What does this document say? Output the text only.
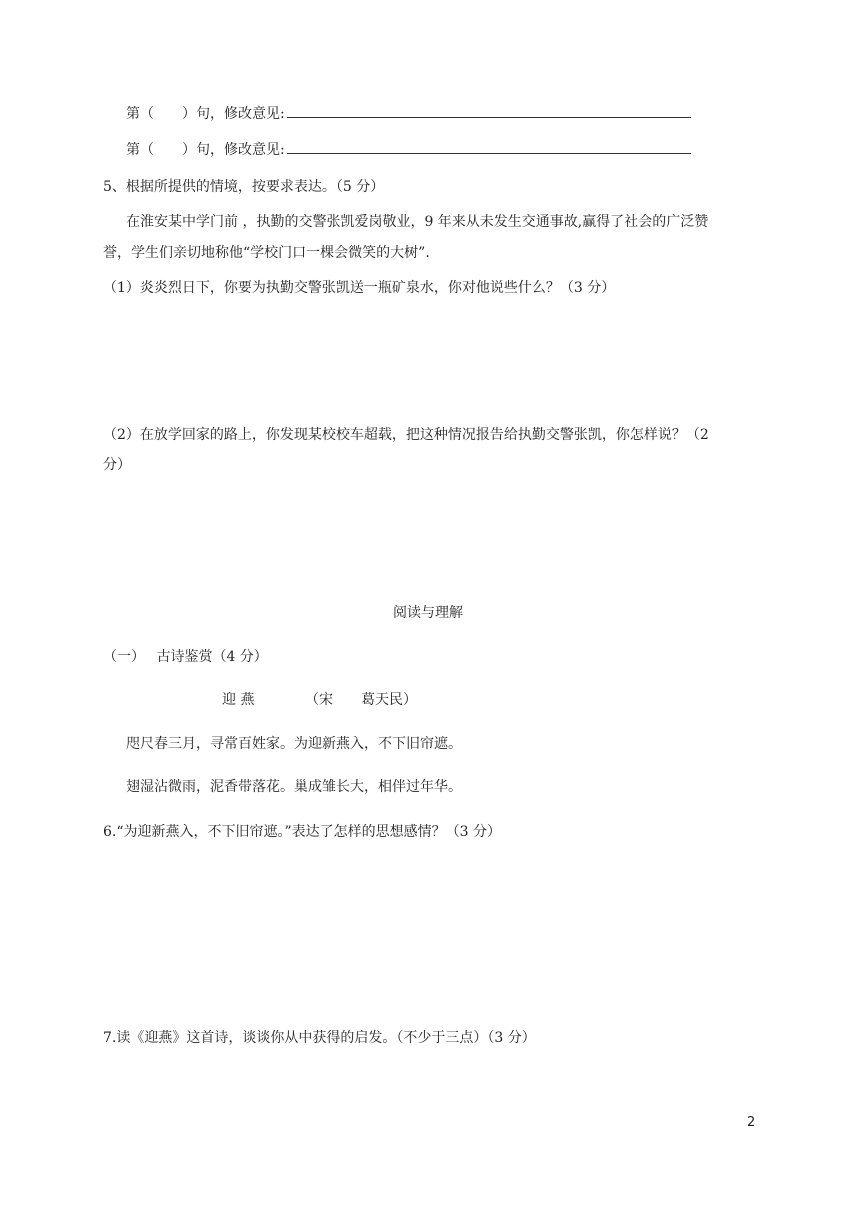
第（　　）句，修改意见:
第（　　）句，修改意见:
5、根据所提供的情境，按要求表达。（5 分）
在淮安某中学门前 ，执勤的交警张凯爱岗敬业，9 年来从未发生交通事故,赢得了社会的广泛赞
誉，学生们亲切地称他“学校门口一棵会微笑的大树”.
（1）炎炎烈日下，你要为执勤交警张凯送一瓶矿泉水，你对他说些什么？（3 分）
（2）在放学回家的路上，你发现某校校车超载，把这种情况报告给执勤交警张凯，你怎样说？（2
分）
阅读与理解
（一）　 古诗鉴赏（4 分）
迎 燕	（宋　　葛天民）
咫尺春三月，寻常百姓家。为迎新燕入，不下旧帘遮。
翅湿沾微雨，泥香带落花。巢成雏长大，相伴过年华。
6.“为迎新燕入，不下旧帘遮。”表达了怎样的思想感情？（3 分）
7.读《迎燕》这首诗，谈谈你从中获得的启发。（不少于三点）（3 分）
2
